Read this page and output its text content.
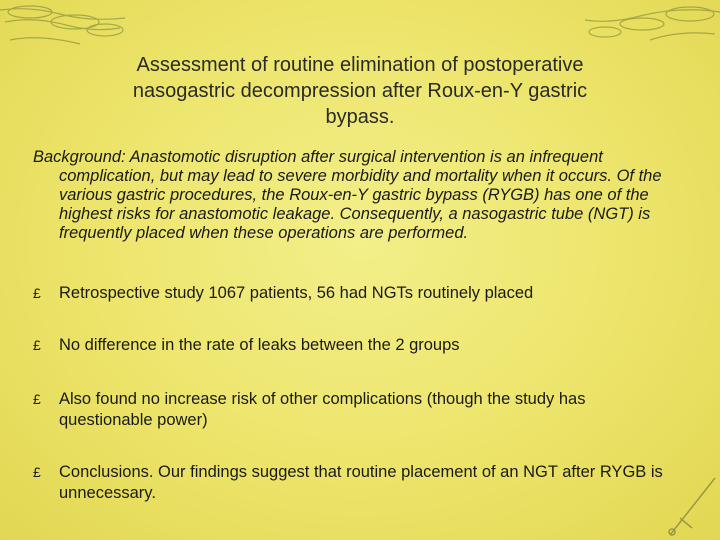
Assessment of routine elimination of postoperative
nasogastric decompression after Roux-en-Y gastric
bypass.
Background: Anastomotic disruption after surgical intervention is an infrequent complication, but may lead to severe morbidity and mortality when it occurs. Of the various gastric procedures, the Roux-en-Y gastric bypass (RYGB) has one of the highest risks for anastomotic leakage. Consequently, a nasogastric tube (NGT) is frequently placed when these operations are performed.
£	Retrospective study 1067 patients, 56 had NGTs routinely placed
£	No difference in the rate of leaks between the 2 groups
£	Also found no increase risk of other complications (though the study has questionable power)
£	Conclusions. Our findings suggest that routine placement of an NGT after RYGB is unnecessary.
